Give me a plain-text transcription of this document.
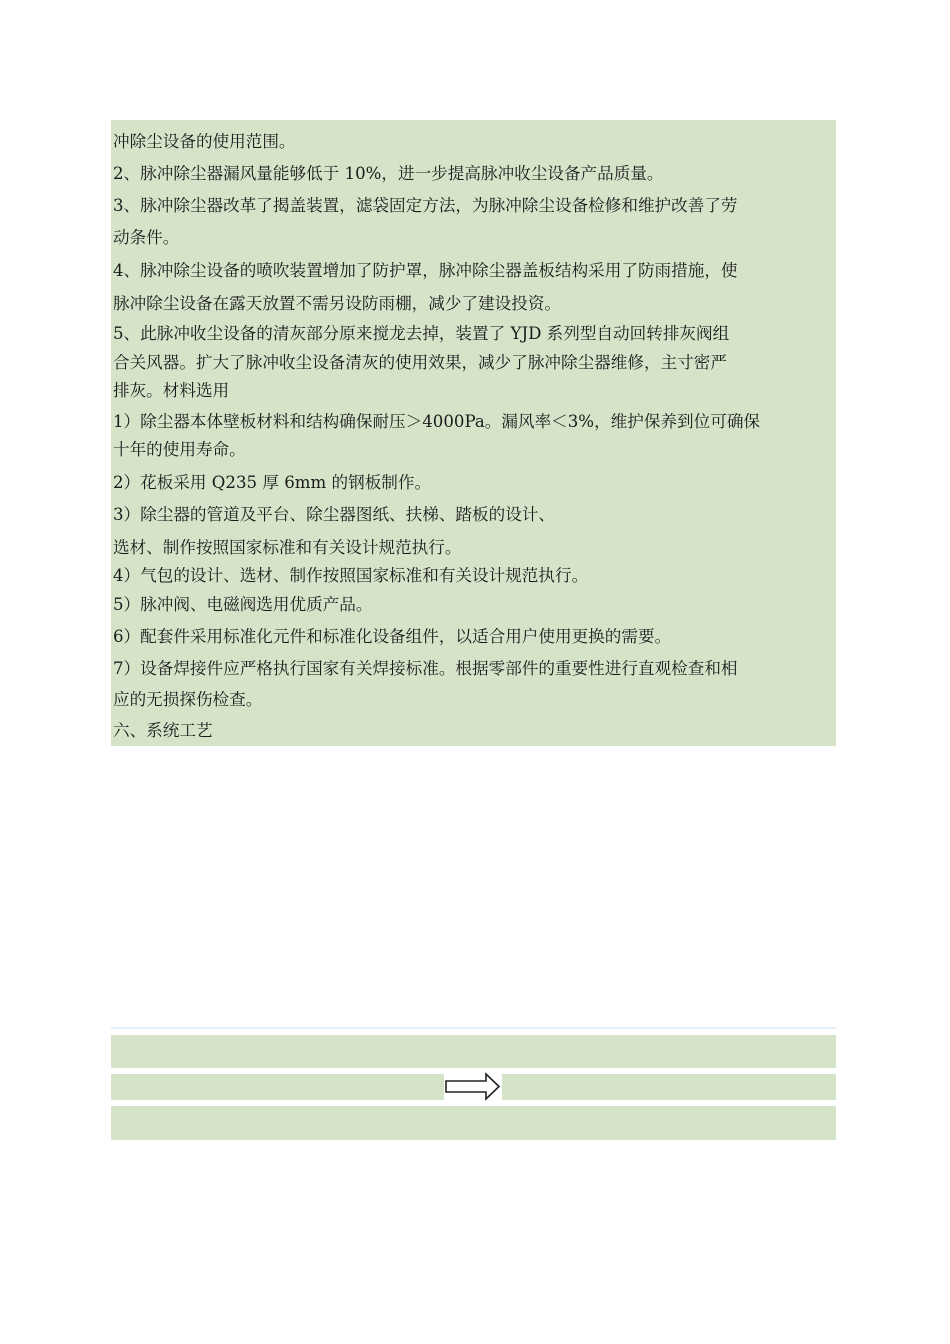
冲除尘设备的使用范围。
2、脉冲除尘器漏风量能够低于 10%，进一步提高脉冲收尘设备产品质量。
3、脉冲除尘器改革了揭盖装置，滤袋固定方法，为脉冲除尘设备检修和维护改善了劳
动条件。
4、脉冲除尘设备的喷吹装置增加了防护罩，脉冲除尘器盖板结构采用了防雨措施，使
脉冲除尘设备在露天放置不需另设防雨棚，减少了建设投资。
5、此脉冲收尘设备的清灰部分原来搅龙去掉，装置了 YJD 系列型自动回转排灰阀组
合关风器。扩大了脉冲收尘设备清灰的使用效果，减少了脉冲除尘器维修，主寸密严
排灰。材料选用
1）除尘器本体壁板材料和结构确保耐压＞4000Pa。漏风率＜3%，维护保养到位可确保
十年的使用寿命。
2）花板采用 Q235 厚 6mm 的钢板制作。
3）除尘器的管道及平台、除尘器图纸、扶梯、踏板的设计、
选材、制作按照国家标准和有关设计规范执行。
4）气包的设计、选材、制作按照国家标准和有关设计规范执行。
5）脉冲阀、电磁阀选用优质产品。
6）配套件采用标准化元件和标准化设备组件，以适合用户使用更换的需要。
7）设备焊接件应严格执行国家有关焊接标准。根据零部件的重要性进行直观检查和相
应的无损探伤检查。
六、系统工艺
